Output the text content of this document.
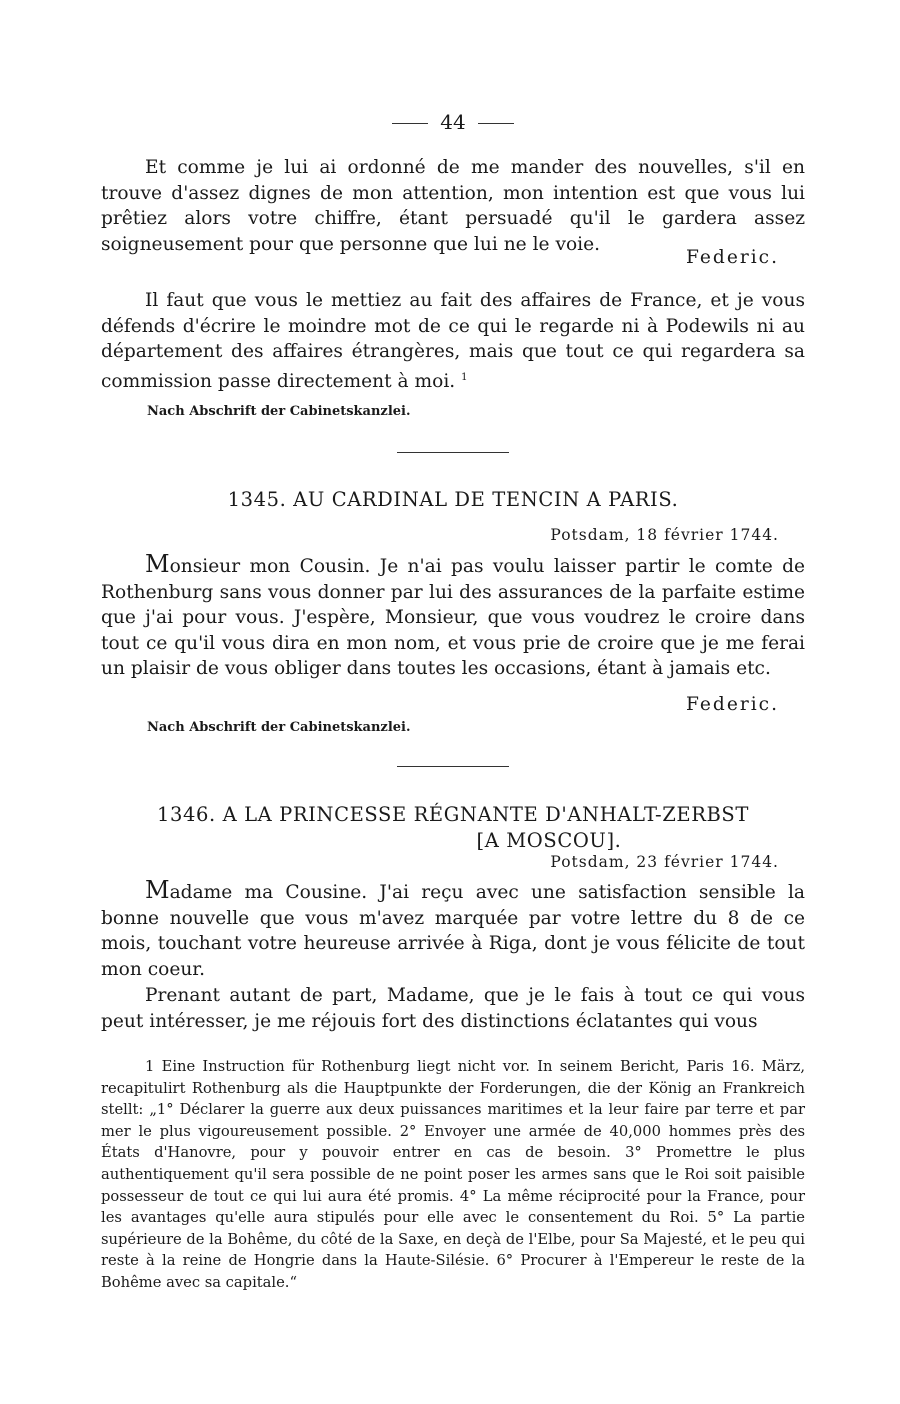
44

Et comme je lui ai ordonné de me mander des nouvelles, s'il en trouve d'assez dignes de mon attention, mon intention est que vous lui prêtiez alors votre chiffre, étant persuadé qu'il le gardera assez soigneusement pour que personne que lui ne le voie.

Federic.

Il faut que vous le mettiez au fait des affaires de France, et je vous défends d'écrire le moindre mot de ce qui le regarde ni à Podewils ni au département des affaires étrangères, mais que tout ce qui regardera sa commission passe directement à moi. $^1$

Nach Abschrift der Cabinetskanzlei.
1345. AU CARDINAL DE TENCIN A PARIS.
Potsdam, 18 février 1744.

Monsieur mon Cousin. Je n'ai pas voulu laisser partir le comte de Rothenburg sans vous donner par lui des assurances de la parfaite estime que j'ai pour vous. J'espère, Monsieur, que vous voudrez le croire dans tout ce qu'il vous dira en mon nom, et vous prie de croire que je me ferai un plaisir de vous obliger dans toutes les occasions, étant à jamais etc.

Federic.
Nach Abschrift der Cabinetskanzlei.
1346. A LA PRINCESSE RÉGNANTE D'ANHALT-ZERBST
[A MOSCOU].
Potsdam, 23 février 1744.

Madame ma Cousine. J'ai reçu avec une satisfaction sensible la bonne nouvelle que vous m'avez marquée par votre lettre du 8 de ce mois, touchant votre heureuse arrivée à Riga, dont je vous félicite de tout mon coeur.

Prenant autant de part, Madame, que je le fais à tout ce qui vous peut intéresser, je me réjouis fort des distinctions éclatantes qui vous

1 Eine Instruction für Rothenburg liegt nicht vor. In seinem Bericht, Paris 16. März, recapitulirt Rothenburg als die Hauptpunkte der Forderungen, die der König an Frankreich stellt: „1° Déclarer la guerre aux deux puissances maritimes et la leur faire par terre et par mer le plus vigoureusement possible. 2° Envoyer une armée de 40,000 hommes près des États d'Hanovre, pour y pouvoir entrer en cas de besoin. 3° Promettre le plus authentiquement qu'il sera possible de ne point poser les armes sans que le Roi soit paisible possesseur de tout ce qui lui aura été promis. 4° La même réciprocité pour la France, pour les avantages qu'elle aura stipulés pour elle avec le consentement du Roi. 5° La partie supérieure de la Bohême, du côté de la Saxe, en deçà de l'Elbe, pour Sa Majesté, et le peu qui reste à la reine de Hongrie dans la Haute-Silésie. 6° Procurer à l'Empereur le reste de la Bohême avec sa capitale.“
